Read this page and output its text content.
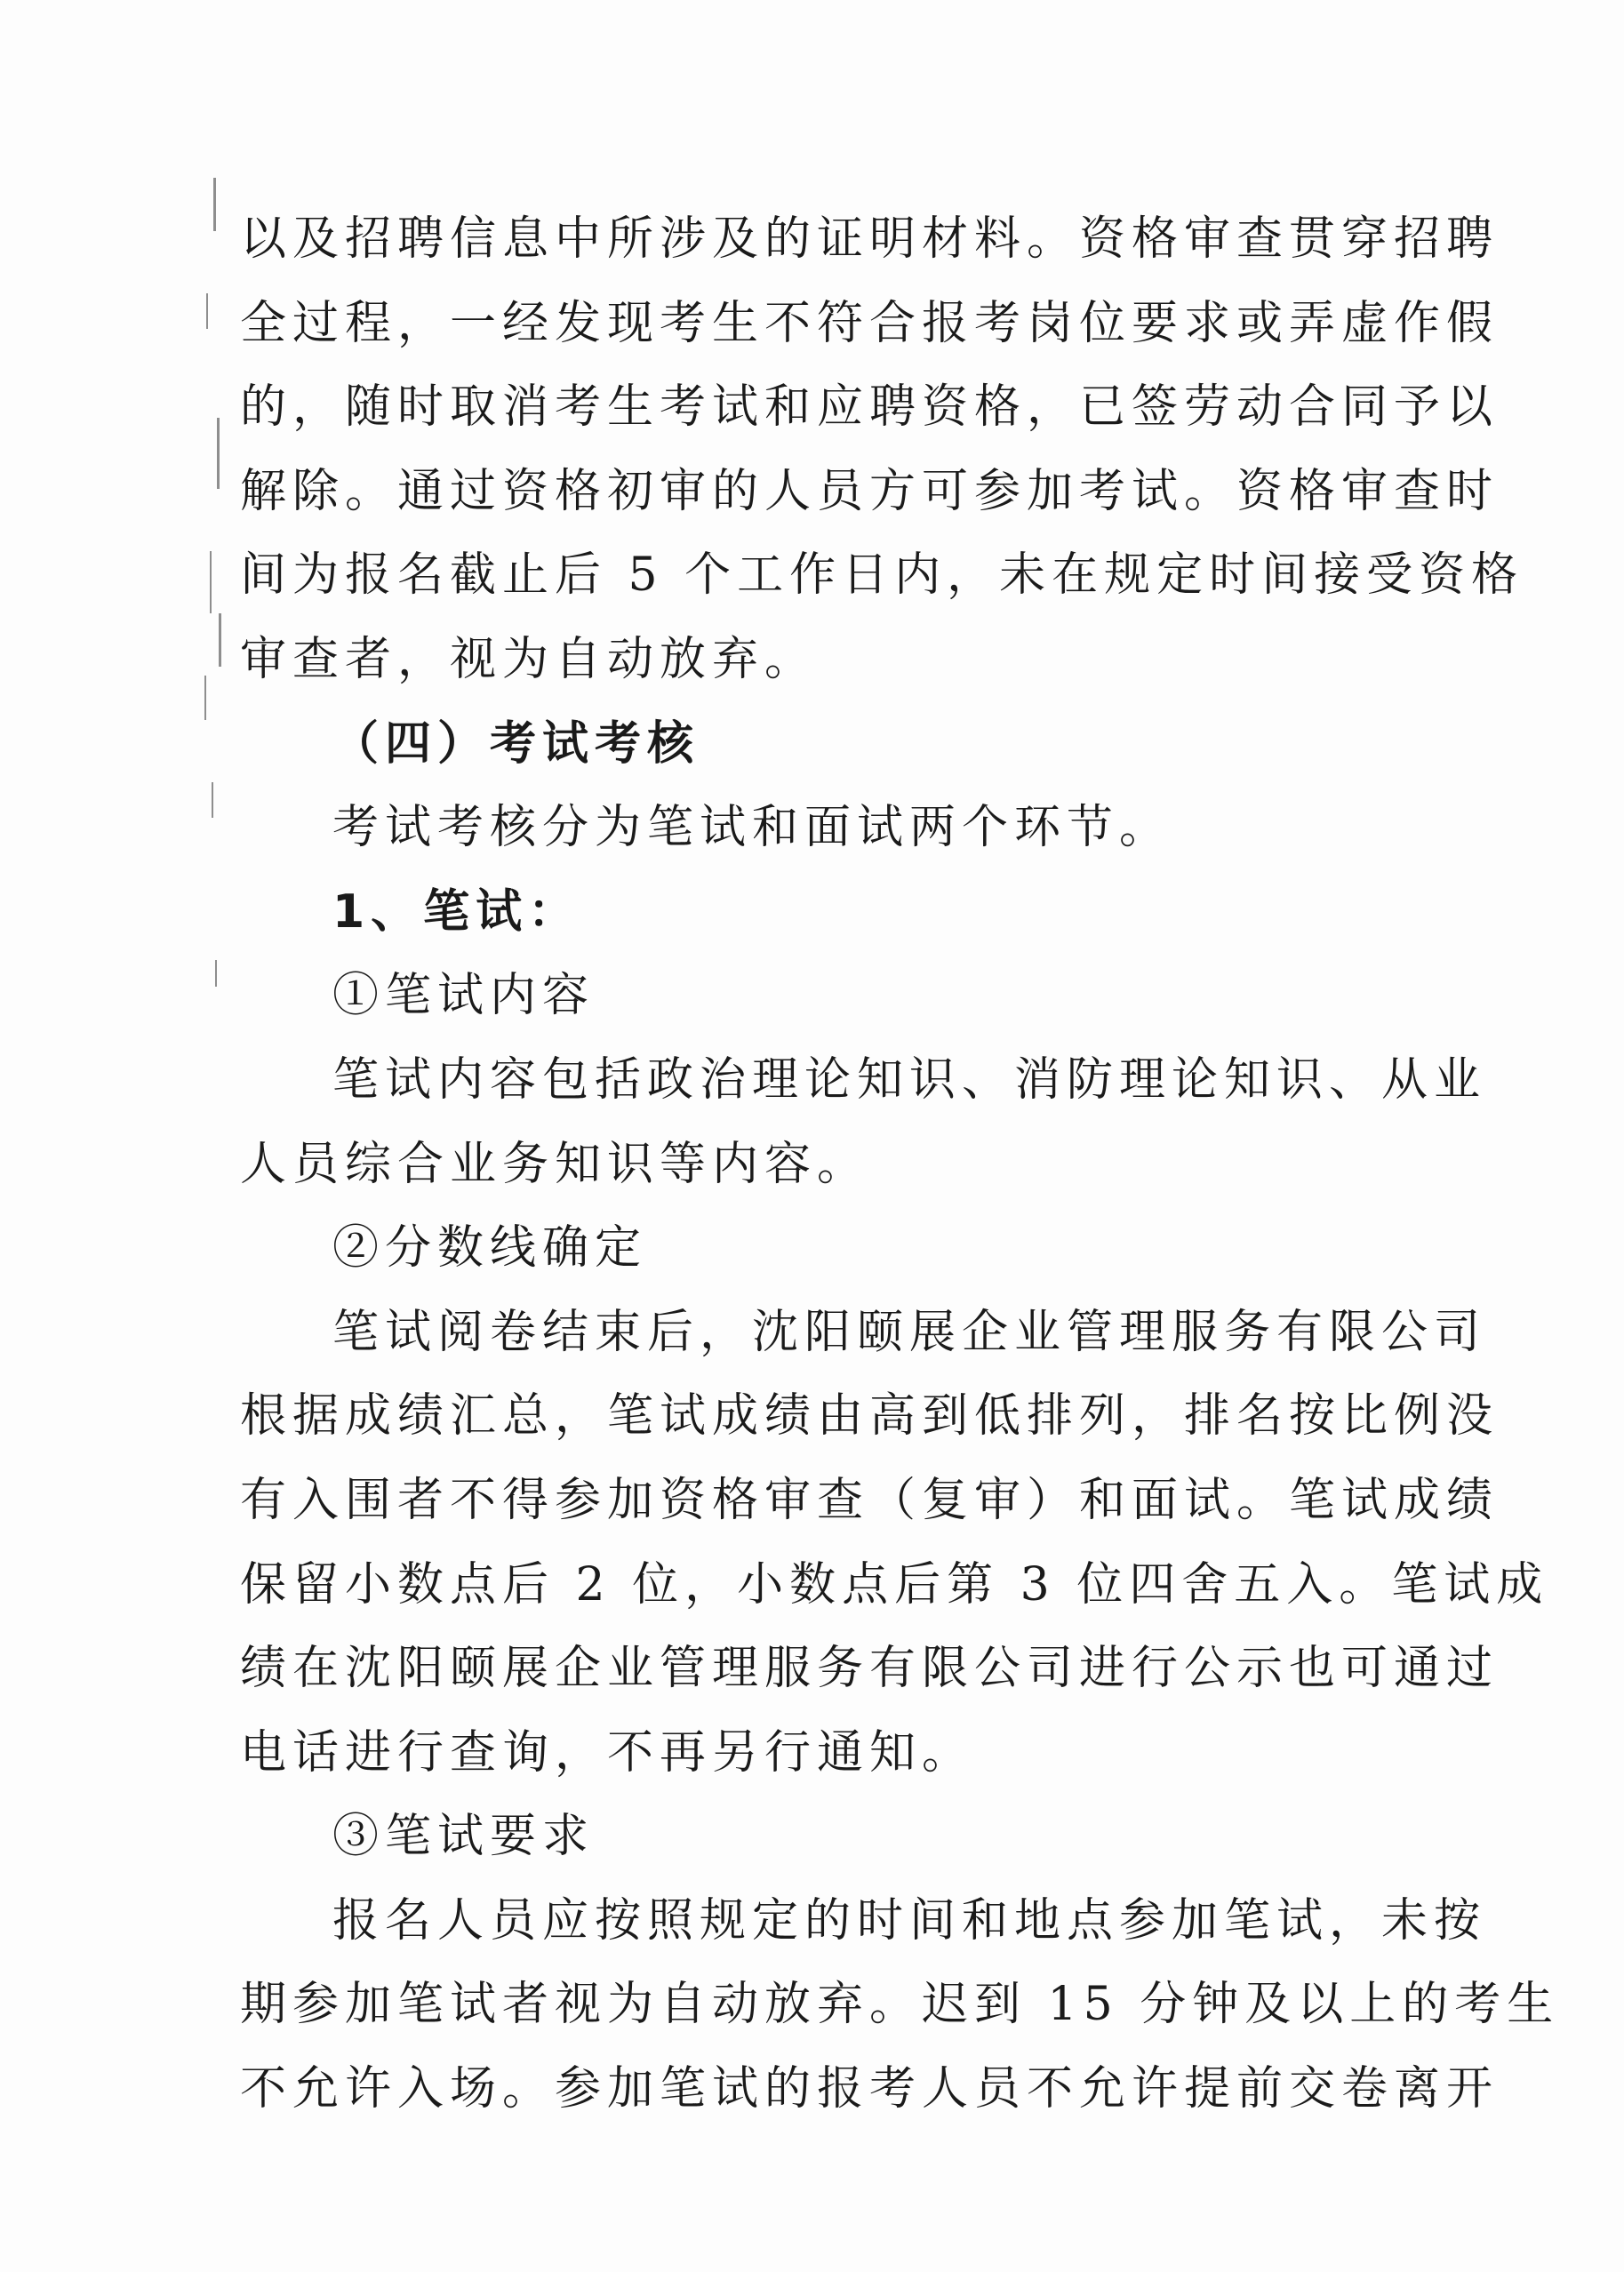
以及招聘信息中所涉及的证明材料。资格审查贯穿招聘
全过程，一经发现考生不符合报考岗位要求或弄虚作假
的，随时取消考生考试和应聘资格，已签劳动合同予以
解除。通过资格初审的人员方可参加考试。资格审查时
间为报名截止后 5 个工作日内，未在规定时间接受资格
审查者，视为自动放弃。
（四）考试考核
考试考核分为笔试和面试两个环节。
1、笔试：
①笔试内容
笔试内容包括政治理论知识、消防理论知识、从业
人员综合业务知识等内容。
②分数线确定
笔试阅卷结束后，沈阳颐展企业管理服务有限公司
根据成绩汇总，笔试成绩由高到低排列，排名按比例没
有入围者不得参加资格审查（复审）和面试。笔试成绩
保留小数点后 2 位，小数点后第 3 位四舍五入。笔试成
绩在沈阳颐展企业管理服务有限公司进行公示也可通过
电话进行查询，不再另行通知。
③笔试要求
报名人员应按照规定的时间和地点参加笔试，未按
期参加笔试者视为自动放弃。迟到 15 分钟及以上的考生
不允许入场。参加笔试的报考人员不允许提前交卷离开
